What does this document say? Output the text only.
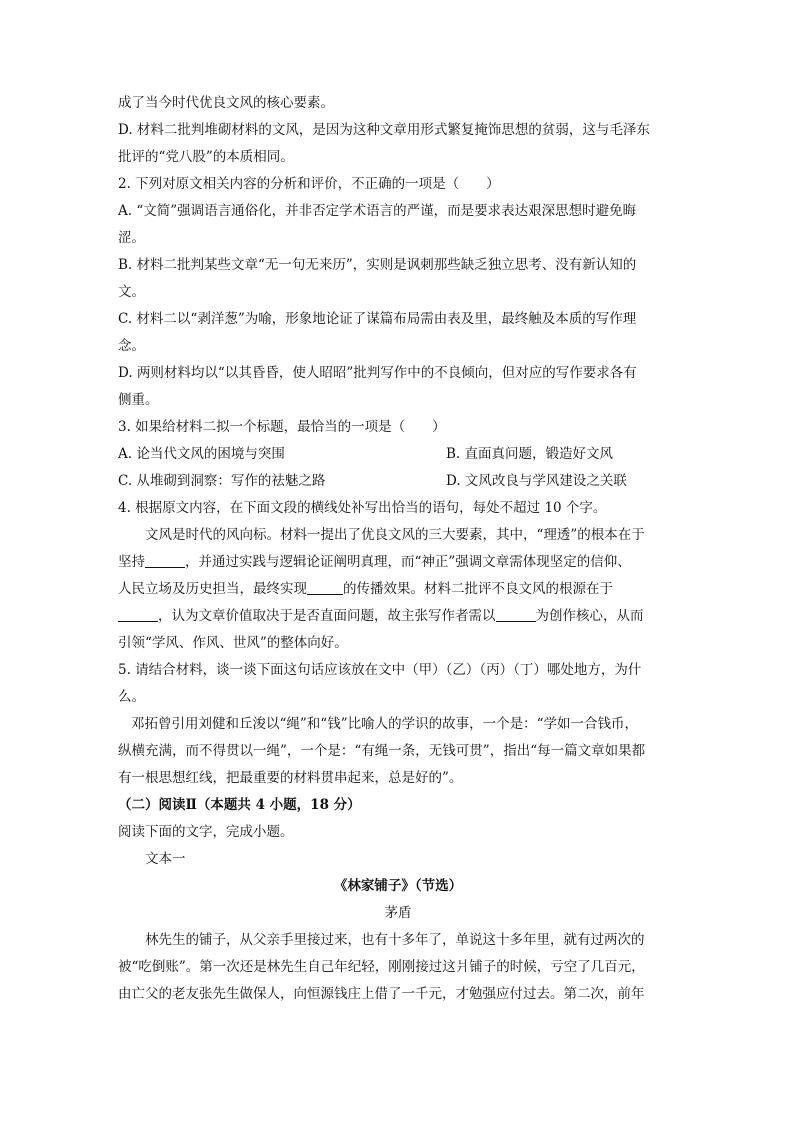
成了当今时代优良文风的核心要素。
D. 材料二批判堆砌材料的文风，是因为这种文章用形式繁复掩饰思想的贫弱，这与毛泽东
批评的“党八股”的本质相同。
2. 下列对原文相关内容的分析和评价，不正确的一项是（　　）
A. “文简”强调语言通俗化，并非否定学术语言的严谨，而是要求表达艰深思想时避免晦
涩。
B. 材料二批判某些文章“无一句无来历”，实则是讽刺那些缺乏独立思考、没有新认知的
文。
C. 材料二以“剥洋葱”为喻，形象地论证了谋篇布局需由表及里，最终触及本质的写作理
念。
D. 两则材料均以“以其昏昏，使人昭昭”批判写作中的不良倾向，但对应的写作要求各有
侧重。
3. 如果给材料二拟一个标题，最恰当的一项是（　　）
A. 论当代文风的困境与突围	B. 直面真问题，锻造好文风
C. 从堆砌到洞察：写作的祛魅之路	D. 文风改良与学风建设之关联
4. 根据原文内容，在下面文段的横线处补写出恰当的语句，每处不超过 10 个字。
文风是时代的风向标。材料一提出了优良文风的三大要素，其中，“理透”的根本在于
坚持	，并通过实践与逻辑论证阐明真理，而“神正”强调文章需体现坚定的信仰、
人民立场及历史担当，最终实现	的传播效果。材料二批评不良文风的根源在于
，认为文章价值取决于是否直面问题，故主张写作者需以	为创作核心，从而
引领“学风、作风、世风”的整体向好。
5. 请结合材料，谈一谈下面这句话应该放在文中（甲）（乙）（丙）（丁）哪处地方，为什
么。
邓拓曾引用刘健和丘浚以“绳”和“钱”比喻人的学识的故事，一个是：“学如一合钱币，
纵横充满，而不得贯以一绳”，一个是：“有绳一条，无钱可贯”，指出“每一篇文章如果都
有一根思想红线，把最重要的材料贯串起来，总是好的”。
（二）阅读Ⅱ（本题共 4 小题，18 分）
阅读下面的文字，完成小题。
文本一
《林家铺子》（节选）
茅盾
林先生的铺子，从父亲手里接过来，也有十多年了，单说这十多年里，就有过两次的
被“吃倒账”。第一次还是林先生自己年纪轻，刚刚接过这爿铺子的时候，亏空了几百元，
由亡父的老友张先生做保人，向恒源钱庄上借了一千元，才勉强应付过去。第二次，前年
